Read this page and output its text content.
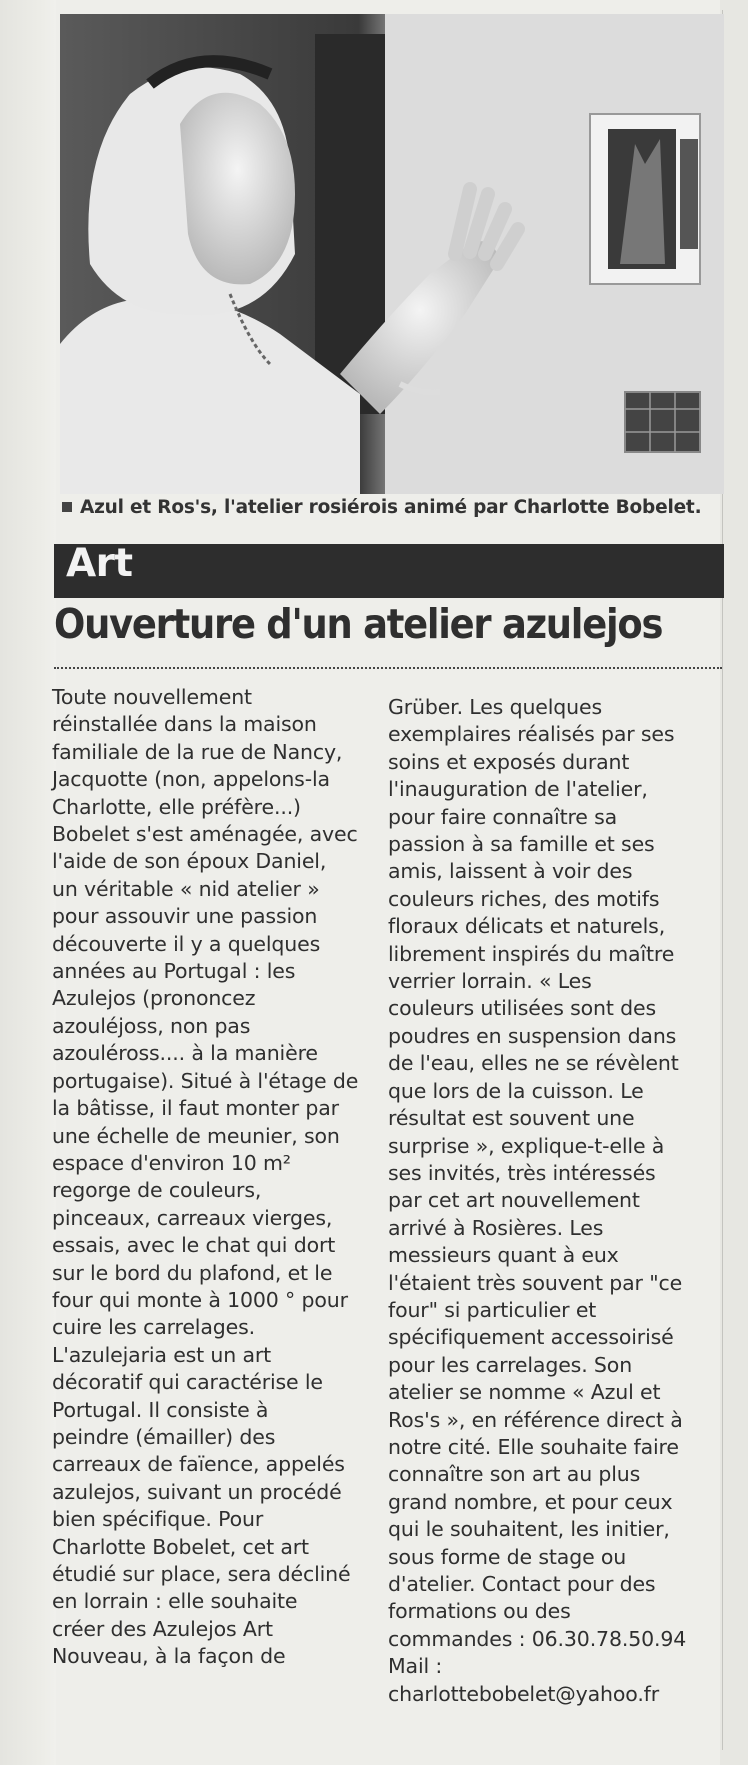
Azul et Ros's, l'atelier rosiérois animé par Charlotte Bobelet.
Art
Ouverture d'un atelier azulejos
Toute nouvellement
réinstallée dans la maison
familiale de la rue de Nancy,
Jacquotte (non, appelons-la
Charlotte, elle préfère...)
Bobelet s'est aménagée, avec
l'aide de son époux Daniel,
un véritable « nid atelier »
pour assouvir une passion
découverte il y a quelques
années au Portugal : les
Azulejos (prononcez
azouléjoss, non pas
azouléross.... à la manière
portugaise). Situé à l'étage de
la bâtisse, il faut monter par
une échelle de meunier, son
espace d'environ 10 m²
regorge de couleurs,
pinceaux, carreaux vierges,
essais, avec le chat qui dort
sur le bord du plafond, et le
four qui monte à 1000 ° pour
cuire les carrelages.
L'azulejaria est un art
décoratif qui caractérise le
Portugal. Il consiste à
peindre (émailler) des
carreaux de faïence, appelés
azulejos, suivant un procédé
bien spécifique. Pour
Charlotte Bobelet, cet art
étudié sur place, sera décliné
en lorrain : elle souhaite
créer des Azulejos Art
Nouveau, à la façon de
Grüber. Les quelques
exemplaires réalisés par ses
soins et exposés durant
l'inauguration de l'atelier,
pour faire connaître sa
passion à sa famille et ses
amis, laissent à voir des
couleurs riches, des motifs
floraux délicats et naturels,
librement inspirés du maître
verrier lorrain. « Les
couleurs utilisées sont des
poudres en suspension dans
de l'eau, elles ne se révèlent
que lors de la cuisson. Le
résultat est souvent une
surprise », explique-t-elle à
ses invités, très intéressés
par cet art nouvellement
arrivé à Rosières. Les
messieurs quant à eux
l'étaient très souvent par "ce
four" si particulier et
spécifiquement accessoirisé
pour les carrelages. Son
atelier se nomme « Azul et
Ros's », en référence direct à
notre cité. Elle souhaite faire
connaître son art au plus
grand nombre, et pour ceux
qui le souhaitent, les initier,
sous forme de stage ou
d'atelier. Contact pour des
formations ou des
commandes : 06.30.78.50.94
Mail :
charlottebobelet@yahoo.fr
